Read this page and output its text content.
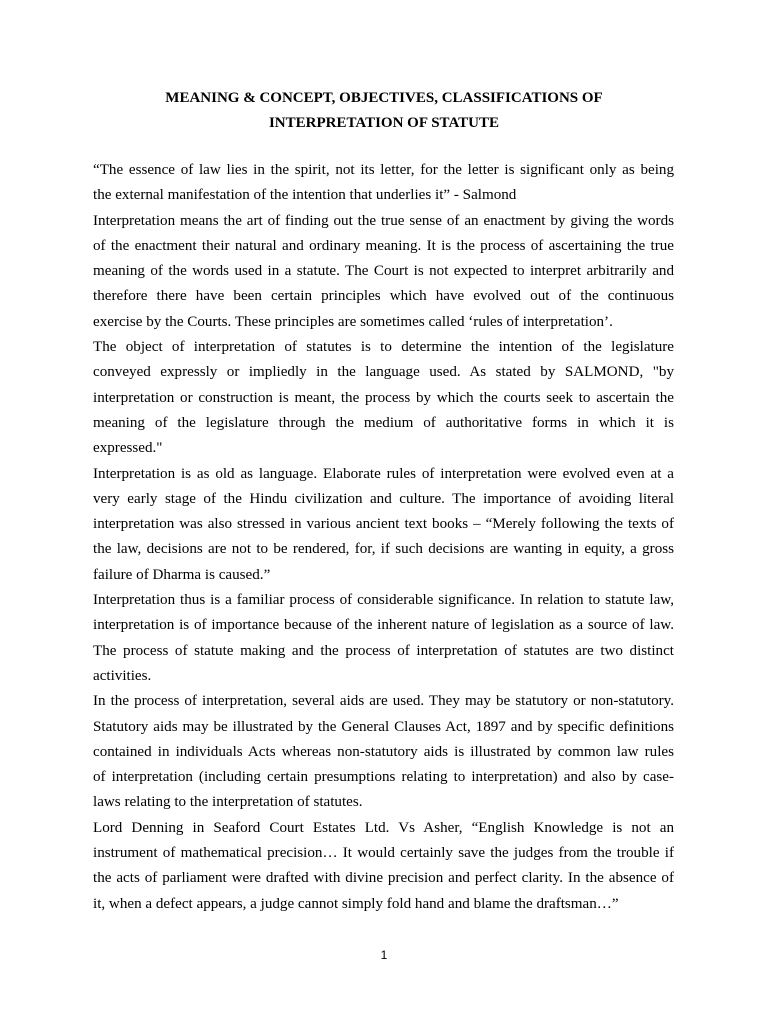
MEANING & CONCEPT, OBJECTIVES, CLASSIFICATIONS OF
INTERPRETATION OF STATUTE

“The essence of law lies in the spirit, not its letter, for the letter is significant only as being
the external manifestation of the intention that underlies it” - Salmond

Interpretation means the art of finding out the true sense of an enactment by giving the words
of the enactment their natural and ordinary meaning. It is the process of ascertaining the true
meaning of the words used in a statute. The Court is not expected to interpret arbitrarily and
therefore there have been certain principles which have evolved out of the continuous
exercise by the Courts. These principles are sometimes called ‘rules of interpretation’.

The object of interpretation of statutes is to determine the intention of the legislature
conveyed expressly or impliedly in the language used. As stated by SALMOND, "by
interpretation or construction is meant, the process by which the courts seek to ascertain the
meaning of the legislature through the medium of authoritative forms in which it is
expressed."

Interpretation is as old as language. Elaborate rules of interpretation were evolved even at a
very early stage of the Hindu civilization and culture. The importance of avoiding literal
interpretation was also stressed in various ancient text books – “Merely following the texts of
the law, decisions are not to be rendered, for, if such decisions are wanting in equity, a gross
failure of Dharma is caused.”

Interpretation thus is a familiar process of considerable significance. In relation to statute law,
interpretation is of importance because of the inherent nature of legislation as a source of law.
The process of statute making and the process of interpretation of statutes are two distinct
activities.

In the process of interpretation, several aids are used. They may be statutory or non-statutory.
Statutory aids may be illustrated by the General Clauses Act, 1897 and by specific definitions
contained in individuals Acts whereas non-statutory aids is illustrated by common law rules
of interpretation (including certain presumptions relating to interpretation) and also by case-
laws relating to the interpretation of statutes.

Lord Denning in Seaford Court Estates Ltd. Vs Asher, “English Knowledge is not an
instrument of mathematical precision… It would certainly save the judges from the trouble if
the acts of parliament were drafted with divine precision and perfect clarity. In the absence of
it, when a defect appears, a judge cannot simply fold hand and blame the draftsman…”

1
